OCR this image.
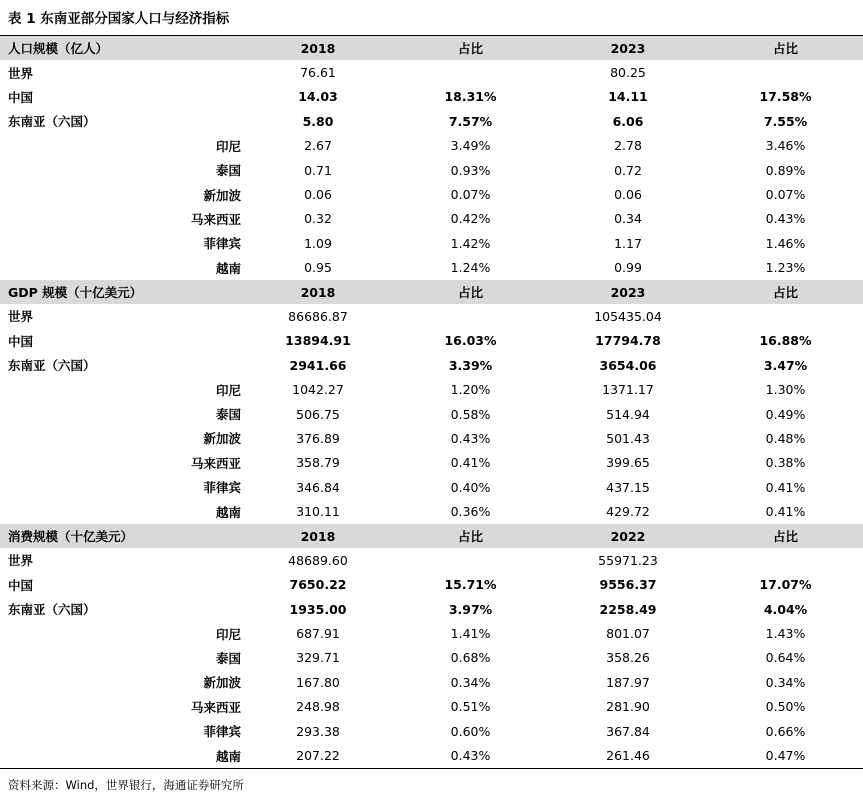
表 1 东南亚部分国家人口与经济指标
人口规模（亿人）	2018	占比	2023	占比
世界	76.61		80.25	
中国	14.03	18.31%	14.11	17.58%
东南亚（六国）	5.80	7.57%	6.06	7.55%
印尼	2.67	3.49%	2.78	3.46%
泰国	0.71	0.93%	0.72	0.89%
新加波	0.06	0.07%	0.06	0.07%
马来西亚	0.32	0.42%	0.34	0.43%
菲律宾	1.09	1.42%	1.17	1.46%
越南	0.95	1.24%	0.99	1.23%
GDP 规模（十亿美元）	2018	占比	2023	占比
世界	86686.87		105435.04	
中国	13894.91	16.03%	17794.78	16.88%
东南亚（六国）	2941.66	3.39%	3654.06	3.47%
印尼	1042.27	1.20%	1371.17	1.30%
泰国	506.75	0.58%	514.94	0.49%
新加波	376.89	0.43%	501.43	0.48%
马来西亚	358.79	0.41%	399.65	0.38%
菲律宾	346.84	0.40%	437.15	0.41%
越南	310.11	0.36%	429.72	0.41%
消费规模（十亿美元）	2018	占比	2022	占比
世界	48689.60		55971.23	
中国	7650.22	15.71%	9556.37	17.07%
东南亚（六国）	1935.00	3.97%	2258.49	4.04%
印尼	687.91	1.41%	801.07	1.43%
泰国	329.71	0.68%	358.26	0.64%
新加波	167.80	0.34%	187.97	0.34%
马来西亚	248.98	0.51%	281.90	0.50%
菲律宾	293.38	0.60%	367.84	0.66%
越南	207.22	0.43%	261.46	0.47%
资料来源：Wind，世界银行，海通证券研究所
